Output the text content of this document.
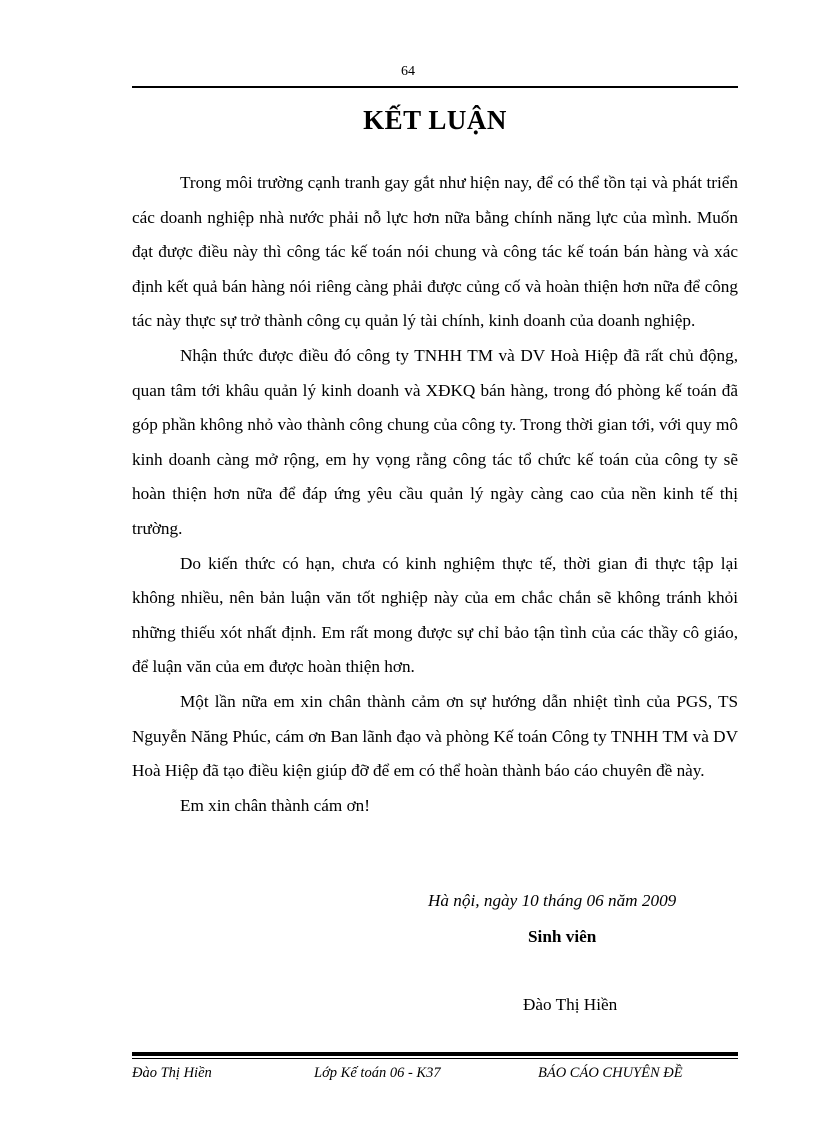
64
KẾT LUẬN

Trong môi trường cạnh tranh gay gắt như hiện nay, để có thể tồn tại và phát triển các doanh nghiệp nhà nước phải nỗ lực hơn nữa bằng chính năng lực của mình. Muốn đạt được điều này thì công tác kế toán nói chung và công tác kế toán bán hàng và xác định kết quả bán hàng nói riêng càng phải được củng cố và hoàn thiện hơn nữa để công tác này thực sự trở thành công cụ quản lý tài chính, kinh doanh của doanh nghiệp.

Nhận thức được điều đó công ty TNHH TM và DV Hoà Hiệp đã rất chủ động, quan tâm tới khâu quản lý kinh doanh và XĐKQ bán hàng, trong đó phòng kế toán đã góp phần không nhỏ vào thành công chung của công ty. Trong thời gian tới, với quy mô kinh doanh càng mở rộng, em hy vọng rằng công tác tổ chức kế toán của công ty sẽ hoàn thiện hơn nữa để đáp ứng yêu cầu quản lý ngày càng cao của nền kinh tế thị trường.

Do kiến thức có hạn, chưa có kinh nghiệm thực tế, thời gian đi thực tập lại không nhiều, nên bản luận văn tốt nghiệp này của em chắc chắn sẽ không tránh khỏi những thiếu xót nhất định. Em rất mong được sự chỉ bảo tận tình của các thầy cô giáo, để luận văn của em được hoàn thiện hơn.

Một lần nữa em xin chân thành cảm ơn sự hướng dẫn nhiệt tình của PGS, TS Nguyễn Năng Phúc, cám ơn Ban lãnh đạo và phòng Kế toán Công ty TNHH TM và DV Hoà Hiệp đã tạo điều kiện giúp đỡ để em có thể hoàn thành báo cáo chuyên đề này.

Em xin chân thành cám ơn!

Hà nội, ngày 10 tháng 06 năm 2009
Sinh viên
Đào Thị Hiền
Đào Thị Hiền	Lớp Kế toán 06 - K37	BÁO CÁO CHUYÊN ĐỀ
